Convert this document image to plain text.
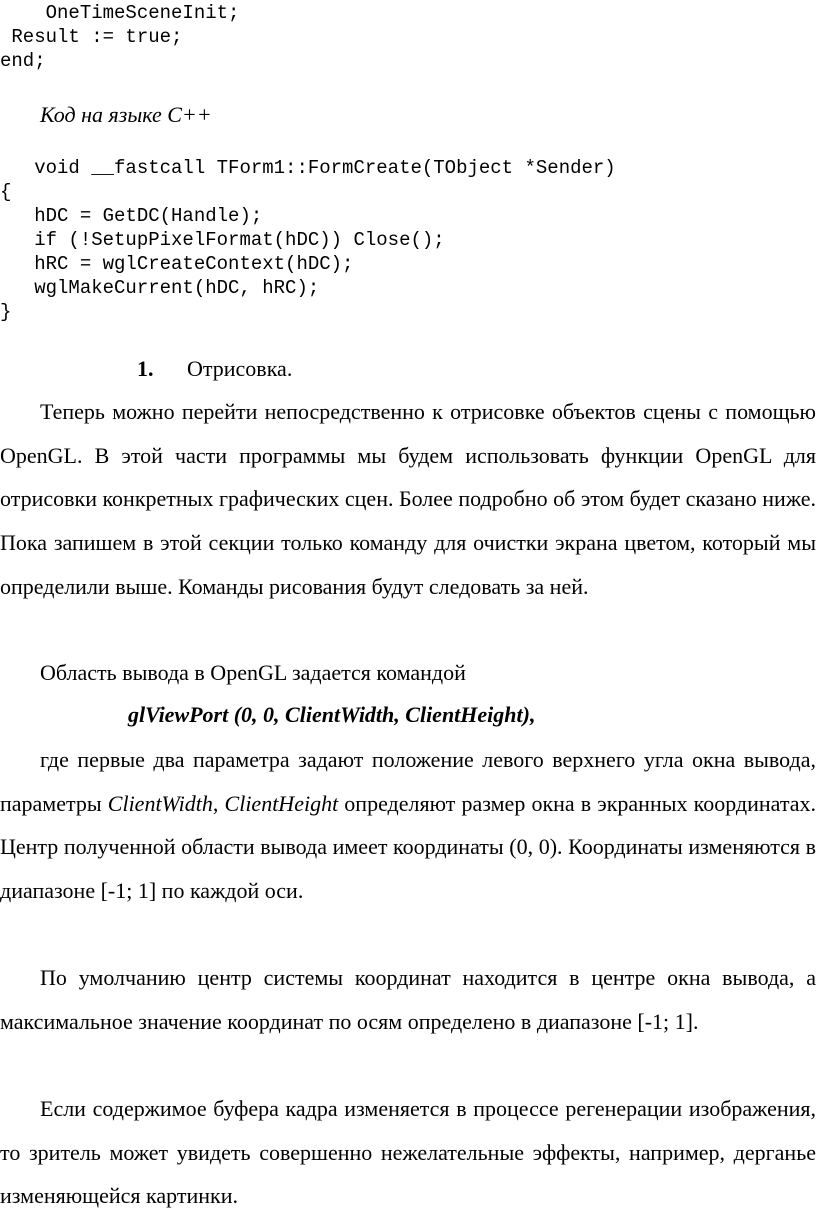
OneTimeSceneInit;
Result := true;
end;
Код на языке С++
void __fastcall TForm1::FormCreate(TObject *Sender)
{
hDC = GetDC(Handle);
if (!SetupPixelFormat(hDC)) Close();
hRC = wglCreateContext(hDC);
wglMakeCurrent(hDC, hRC);
}
1. Отрисовка.

Теперь можно перейти непосредственно к отрисовке объектов сцены с помощью OpenGL. В этой части программы мы будем использовать функции OpenGL для отрисовки конкретных графических сцен. Более подробно об этом будет сказано ниже. Пока запишем в этой секции только команду для очистки экрана цветом, который мы определили выше. Команды рисования будут следовать за ней.

Область вывода в OpenGL задается командой

glViewPort (0, 0, ClientWidth, ClientHeight),

где первые два параметра задают положение левого верхнего угла окна вывода, параметры ClientWidth, ClientHeight определяют размер окна в экранных координатах. Центр полученной области вывода имеет координаты (0, 0). Координаты изменяются в диапазоне [-1; 1] по каждой оси.

По умолчанию центр системы координат находится в центре окна вывода, а максимальное значение координат по осям определено в диапазоне [-1; 1].

Если содержимое буфера кадра изменяется в процессе регенерации изображения, то зритель может увидеть совершенно нежелательные эффекты, например, дерганье изменяющейся картинки.
